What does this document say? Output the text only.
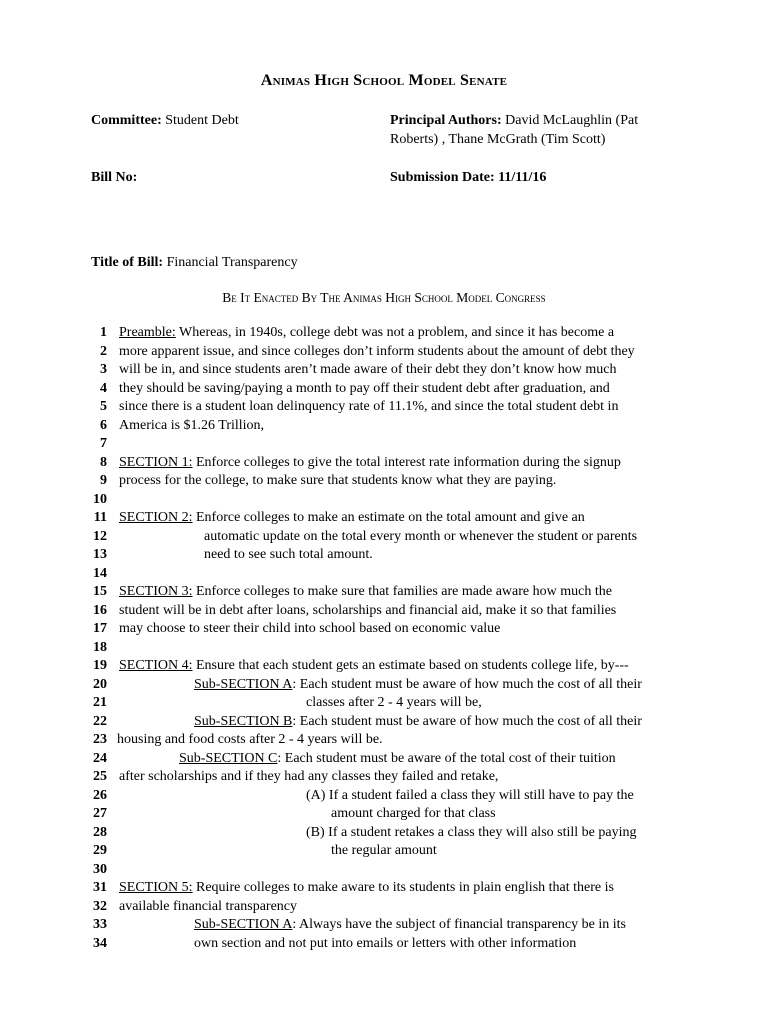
Animas High School Model Senate
Committee: Student Debt	Principal Authors: David McLaughlin (Pat
Roberts) , Thane McGrath (Tim Scott)
Bill No:	Submission Date: 11/11/16
Title of Bill: Financial Transparency
Be It Enacted By The Animas High School Model Congress
1 Preamble: Whereas, in 1940s, college debt was not a problem, and since it has become a
2 more apparent issue, and since colleges don’t inform students about the amount of debt they
3 will be in, and since students aren’t made aware of their debt they don’t know how much
4 they should be saving/paying a month to pay off their student debt after graduation, and
5 since there is a student loan delinquency rate of 11.1%, and since the total student debt in
6 America is $1.26 Trillion,
7
8 SECTION 1: Enforce colleges to give the total interest rate information during the signup
9 process for the college, to make sure that students know what they are paying.
10
11 SECTION 2: Enforce colleges to make an estimate on the total amount and give an
12	automatic update on the total every month or whenever the student or parents
13	need to see such total amount.
14
15 SECTION 3: Enforce colleges to make sure that families are made aware how much the
16 student will be in debt after loans, scholarships and financial aid, make it so that families
17 may choose to steer their child into school based on economic value
18
19 SECTION 4: Ensure that each student gets an estimate based on students college life, by---
20	Sub-SECTION A: Each student must be aware of how much the cost of all their
21	classes after 2 - 4 years will be,
22	Sub-SECTION B: Each student must be aware of how much the cost of all their
23 housing and food costs after 2 - 4 years will be.
24	Sub-SECTION C: Each student must be aware of the total cost of their tuition
25 after scholarships and if they had any classes they failed and retake,
26	(A) If a student failed a class they will still have to pay the
27	amount charged for that class
28	(B) If a student retakes a class they will also still be paying
29	the regular amount
30
31 SECTION 5: Require colleges to make aware to its students in plain english that there is
32 available financial transparency
33	Sub-SECTION A: Always have the subject of financial transparency be in its
34	own section and not put into emails or letters with other information
